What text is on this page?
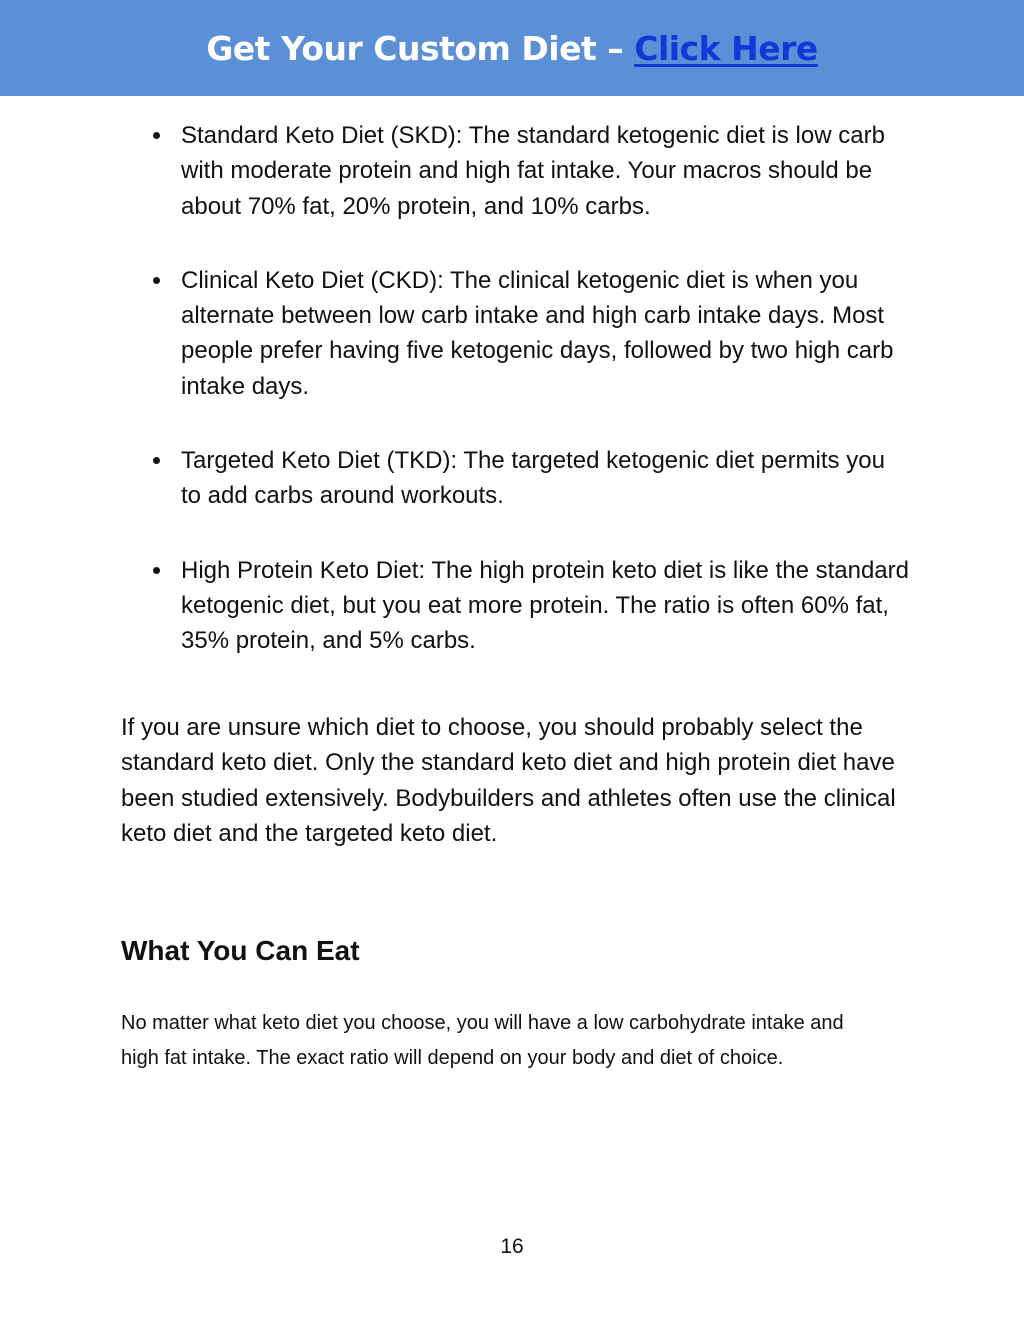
Get Your Custom Diet – Click Here
Standard Keto Diet (SKD): The standard ketogenic diet is low carb with moderate protein and high fat intake. Your macros should be about 70% fat, 20% protein, and 10% carbs.
Clinical Keto Diet (CKD): The clinical ketogenic diet is when you alternate between low carb intake and high carb intake days. Most people prefer having five ketogenic days, followed by two high carb intake days.
Targeted Keto Diet (TKD): The targeted ketogenic diet permits you to add carbs around workouts.
High Protein Keto Diet: The high protein keto diet is like the standard ketogenic diet, but you eat more protein. The ratio is often 60% fat, 35% protein, and 5% carbs.

If you are unsure which diet to choose, you should probably select the standard keto diet. Only the standard keto diet and high protein diet have been studied extensively. Bodybuilders and athletes often use the clinical keto diet and the targeted keto diet.

What You Can Eat

No matter what keto diet you choose, you will have a low carbohydrate intake and high fat intake. The exact ratio will depend on your body and diet of choice.

16
